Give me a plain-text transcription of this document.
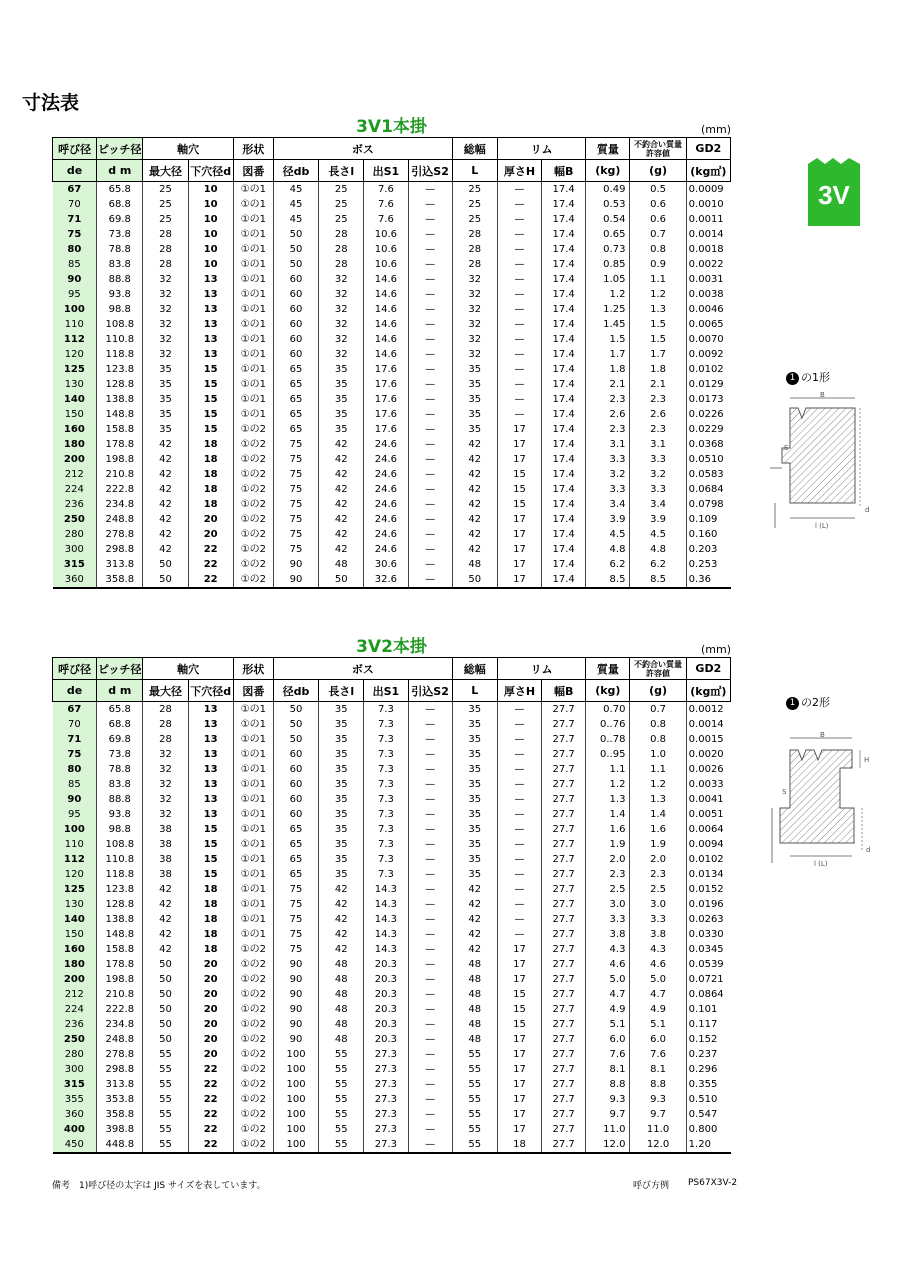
寸法表
3V1本掛	(mm)
呼び径	ピッチ径	軸穴		形状	ボス				総幅	リム		質量	不釣合い質量許容値	GD2
de	d m	最大径	下穴径d	図番	径db	長さl	出S1	引込S2	L	厚さH	幅B	(kg)	(g)	(kg㎡)
67	65.8	25	10	①の1	45	25	7.6	—	25	—	17.4	0.49	0.5	0.0009
70	68.8	25	10	①の1	45	25	7.6	—	25	—	17.4	0.53	0.6	0.0010
71	69.8	25	10	①の1	45	25	7.6	—	25	—	17.4	0.54	0.6	0.0011
75	73.8	28	10	①の1	50	28	10.6	—	28	—	17.4	0.65	0.7	0.0014
80	78.8	28	10	①の1	50	28	10.6	—	28	—	17.4	0.73	0.8	0.0018
85	83.8	28	10	①の1	50	28	10.6	—	28	—	17.4	0.85	0.9	0.0022
90	88.8	32	13	①の1	60	32	14.6	—	32	—	17.4	1.05	1.1	0.0031
95	93.8	32	13	①の1	60	32	14.6	—	32	—	17.4	1.2	1.2	0.0038
100	98.8	32	13	①の1	60	32	14.6	—	32	—	17.4	1.25	1.3	0.0046
110	108.8	32	13	①の1	60	32	14.6	—	32	—	17.4	1.45	1.5	0.0065
112	110.8	32	13	①の1	60	32	14.6	—	32	—	17.4	1.5	1.5	0.0070
120	118.8	32	13	①の1	60	32	14.6	—	32	—	17.4	1.7	1.7	0.0092
125	123.8	35	15	①の1	65	35	17.6	—	35	—	17.4	1.8	1.8	0.0102
130	128.8	35	15	①の1	65	35	17.6	—	35	—	17.4	2.1	2.1	0.0129
140	138.8	35	15	①の1	65	35	17.6	—	35	—	17.4	2.3	2.3	0.0173
150	148.8	35	15	①の1	65	35	17.6	—	35	—	17.4	2.6	2.6	0.0226
160	158.8	35	15	①の2	65	35	17.6	—	35	17	17.4	2.3	2.3	0.0229
180	178.8	42	18	①の2	75	42	24.6	—	42	17	17.4	3.1	3.1	0.0368
200	198.8	42	18	①の2	75	42	24.6	—	42	17	17.4	3.3	3.3	0.0510
212	210.8	42	18	①の2	75	42	24.6	—	42	15	17.4	3.2	3.2	0.0583
224	222.8	42	18	①の2	75	42	24.6	—	42	15	17.4	3.3	3.3	0.0684
236	234.8	42	18	①の2	75	42	24.6	—	42	15	17.4	3.4	3.4	0.0798
250	248.8	42	20	①の2	75	42	24.6	—	42	17	17.4	3.9	3.9	0.109
280	278.8	42	20	①の2	75	42	24.6	—	42	17	17.4	4.5	4.5	0.160
300	298.8	42	22	①の2	75	42	24.6	—	42	17	17.4	4.8	4.8	0.203
315	313.8	50	22	①の2	90	48	30.6	—	48	17	17.4	6.2	6.2	0.253
360	358.8	50	22	①の2	90	50	32.6	—	50	17	17.4	8.5	8.5	0.36
3V2本掛	(mm)
呼び径	ピッチ径	軸穴		形状	ボス				総幅	リム		質量	不釣合い質量許容値	GD2
de	d m	最大径	下穴径d	図番	径db	長さl	出S1	引込S2	L	厚さH	幅B	(kg)	(g)	(kg㎡)
67	65.8	28	13	①の1	50	35	7.3	—	35	—	27.7	0.70	0.7	0.0012
70	68.8	28	13	①の1	50	35	7.3	—	35	—	27.7	0..76	0.8	0.0014
71	69.8	28	13	①の1	50	35	7.3	—	35	—	27.7	0..78	0.8	0.0015
75	73.8	32	13	①の1	60	35	7.3	—	35	—	27.7	0..95	1.0	0.0020
80	78.8	32	13	①の1	60	35	7.3	—	35	—	27.7	1.1	1.1	0.0026
85	83.8	32	13	①の1	60	35	7.3	—	35	—	27.7	1.2	1.2	0.0033
90	88.8	32	13	①の1	60	35	7.3	—	35	—	27.7	1.3	1.3	0.0041
95	93.8	32	13	①の1	60	35	7.3	—	35	—	27.7	1.4	1.4	0.0051
100	98.8	38	15	①の1	65	35	7.3	—	35	—	27.7	1.6	1.6	0.0064
110	108.8	38	15	①の1	65	35	7.3	—	35	—	27.7	1.9	1.9	0.0094
112	110.8	38	15	①の1	65	35	7.3	—	35	—	27.7	2.0	2.0	0.0102
120	118.8	38	15	①の1	65	35	7.3	—	35	—	27.7	2.3	2.3	0.0134
125	123.8	42	18	①の1	75	42	14.3	—	42	—	27.7	2.5	2.5	0.0152
130	128.8	42	18	①の1	75	42	14.3	—	42	—	27.7	3.0	3.0	0.0196
140	138.8	42	18	①の1	75	42	14.3	—	42	—	27.7	3.3	3.3	0.0263
150	148.8	42	18	①の1	75	42	14.3	—	42	—	27.7	3.8	3.8	0.0330
160	158.8	42	18	①の2	75	42	14.3	—	42	17	27.7	4.3	4.3	0.0345
180	178.8	50	20	①の2	90	48	20.3	—	48	17	27.7	4.6	4.6	0.0539
200	198.8	50	20	①の2	90	48	20.3	—	48	17	27.7	5.0	5.0	0.0721
212	210.8	50	20	①の2	90	48	20.3	—	48	15	27.7	4.7	4.7	0.0864
224	222.8	50	20	①の2	90	48	20.3	—	48	15	27.7	4.9	4.9	0.101
236	234.8	50	20	①の2	90	48	20.3	—	48	15	27.7	5.1	5.1	0.117
250	248.8	50	20	①の2	90	48	20.3	—	48	17	27.7	6.0	6.0	0.152
280	278.8	55	20	①の2	100	55	27.3	—	55	17	27.7	7.6	7.6	0.237
300	298.8	55	22	①の2	100	55	27.3	—	55	17	27.7	8.1	8.1	0.296
315	313.8	55	22	①の2	100	55	27.3	—	55	17	27.7	8.8	8.8	0.355
355	353.8	55	22	①の2	100	55	27.3	—	55	17	27.7	9.3	9.3	0.510
360	358.8	55	22	①の2	100	55	27.3	—	55	17	27.7	9.7	9.7	0.547
400	398.8	55	22	①の2	100	55	27.3	—	55	17	27.7	11.0	11.0	0.800
450	448.8	55	22	①の2	100	55	27.3	—	55	18	27.7	12.0	12.0	1.20
3V
1 の1形
B
S
l (L)
d
1 の2形
B
S
l (L)
H
d
備考　1)呼び径の太字は JIS サイズを表しています。	呼び方例 PS67X3V-2
